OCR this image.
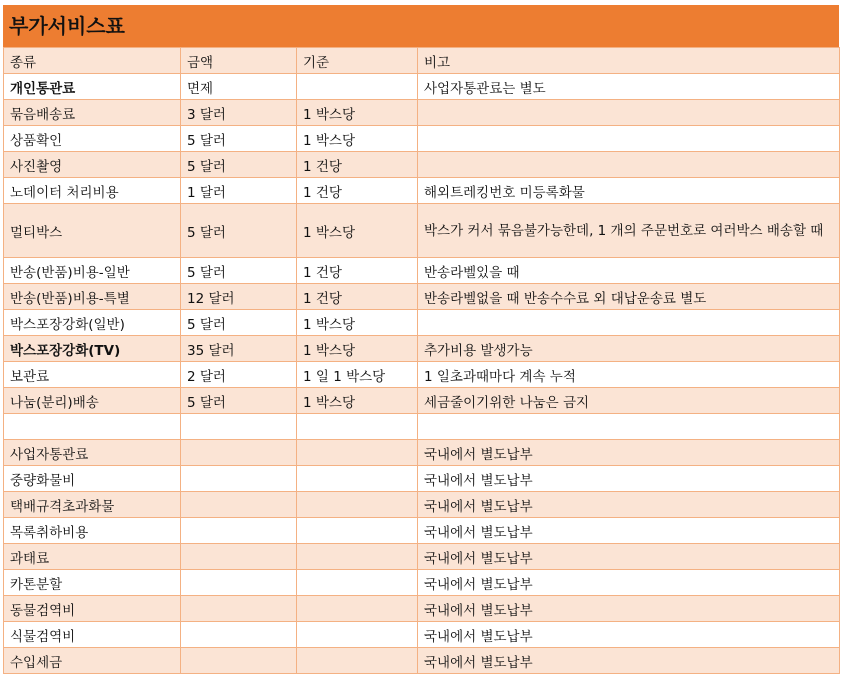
부가서비스표
종류	금액	기준	비고
개인통관료	면제		사업자통관료는 별도
묶음배송료	3 달러	1 박스당	
상품확인	5 달러	1 박스당	
사진촬영	5 달러	1 건당	
노데이터 처리비용	1 달러	1 건당	해외트레킹번호 미등록화물
멀티박스	5 달러	1 박스당	박스가 커서 묶음불가능한데, 1 개의 주문번호로 여러박스 배송할 때
반송(반품)비용-일반	5 달러	1 건당	반송라벨있을 때
반송(반품)비용-특별	12 달러	1 건당	반송라벨없을 때 반송수수료 외 대납운송료 별도
박스포장강화(일반)	5 달러	1 박스당	
박스포장강화(TV)	35 달러	1 박스당	추가비용 발생가능
보관료	2 달러	1 일 1 박스당	1 일초과때마다 계속 누적
나눔(분리)배송	5 달러	1 박스당	세금줄이기위한 나눔은 금지

사업자통관료			국내에서 별도납부
중량화물비			국내에서 별도납부
택배규격초과화물			국내에서 별도납부
목록취하비용			국내에서 별도납부
과태료			국내에서 별도납부
카톤분할			국내에서 별도납부
동물검역비			국내에서 별도납부
식물검역비			국내에서 별도납부
수입세금			국내에서 별도납부
